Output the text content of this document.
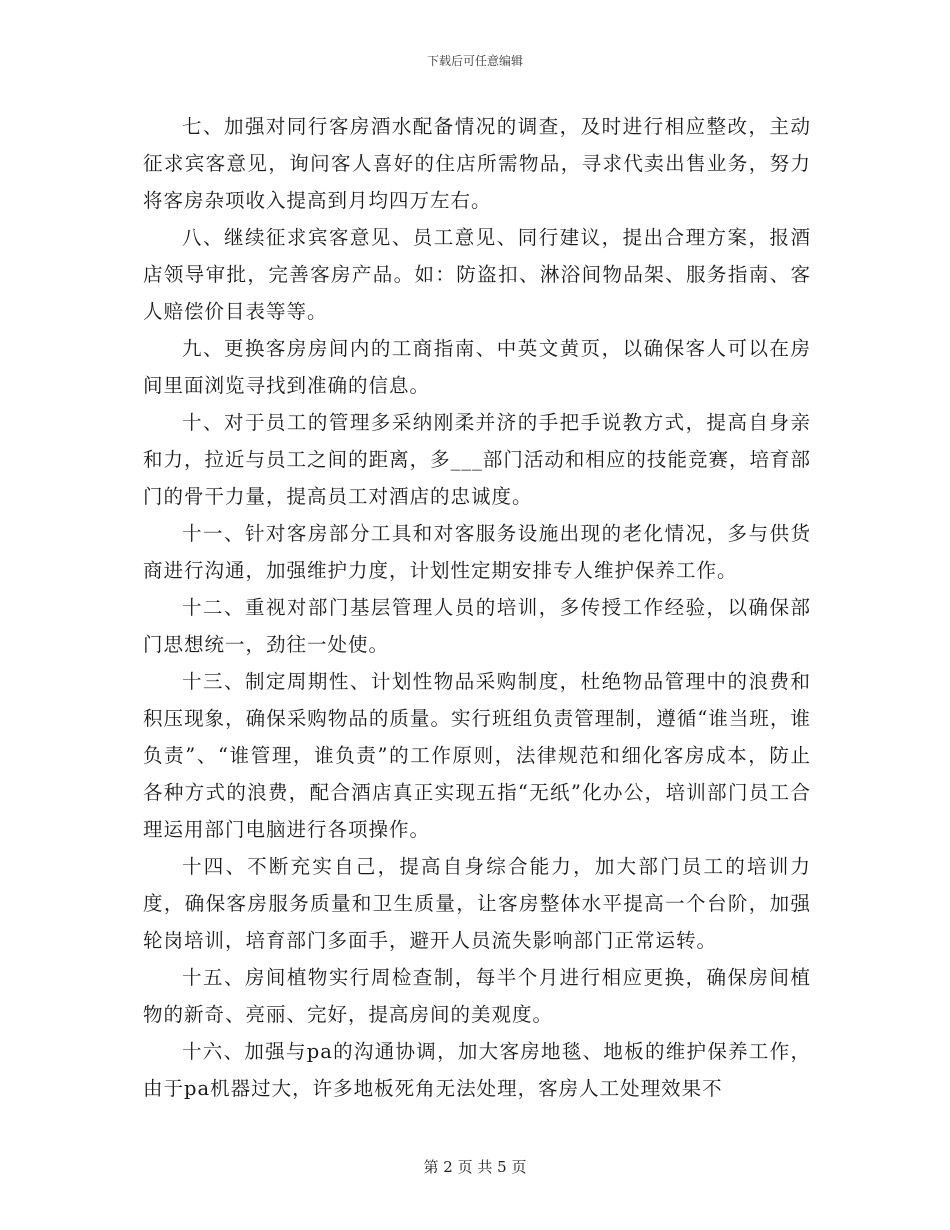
下载后可任意编辑

七、加强对同行客房酒水配备情况的调查，及时进行相应整改，主动征求宾客意见，询问客人喜好的住店所需物品，寻求代卖出售业务，努力将客房杂项收入提高到月均四万左右。

八、继续征求宾客意见、员工意见、同行建议，提出合理方案，报酒店领导审批，完善客房产品。如：防盗扣、淋浴间物品架、服务指南、客人赔偿价目表等等。

九、更换客房房间内的工商指南、中英文黄页，以确保客人可以在房间里面浏览寻找到准确的信息。

十、对于员工的管理多采纳刚柔并济的手把手说教方式，提高自身亲和力，拉近与员工之间的距离，多___部门活动和相应的技能竞赛，培育部门的骨干力量，提高员工对酒店的忠诚度。

十一、针对客房部分工具和对客服务设施出现的老化情况，多与供货商进行沟通，加强维护力度，计划性定期安排专人维护保养工作。

十二、重视对部门基层管理人员的培训，多传授工作经验，以确保部门思想统一，劲往一处使。

十三、制定周期性、计划性物品采购制度，杜绝物品管理中的浪费和积压现象，确保采购物品的质量。实行班组负责管理制，遵循“谁当班，谁负责”、“谁管理，谁负责”的工作原则，法律规范和细化客房成本，防止各种方式的浪费，配合酒店真正实现五指“无纸”化办公，培训部门员工合理运用部门电脑进行各项操作。

十四、不断充实自己，提高自身综合能力，加大部门员工的培训力度，确保客房服务质量和卫生质量，让客房整体水平提高一个台阶，加强轮岗培训，培育部门多面手，避开人员流失影响部门正常运转。

十五、房间植物实行周检查制，每半个月进行相应更换，确保房间植物的新奇、亮丽、完好，提高房间的美观度。

十六、加强与pa的沟通协调，加大客房地毯、地板的维护保养工作，由于pa机器过大，许多地板死角无法处理，客房人工处理效果不

第 2 页 共 5 页
